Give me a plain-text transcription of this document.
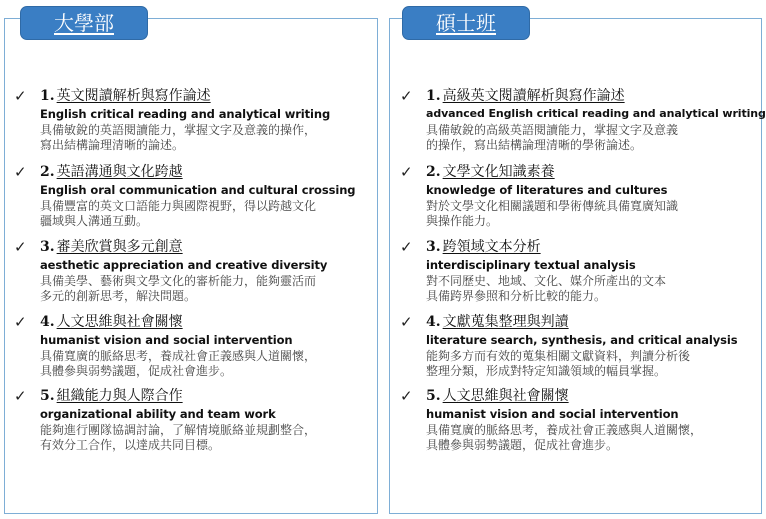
大學部	碩士班
✓ 1. 英文閱讀解析與寫作論述
English critical reading and analytical writing
具備敏銳的英語閱讀能力，掌握文字及意義的操作，
寫出結構論理清晰的論述。
✓ 2. 英語溝通與文化跨越
English oral communication and cultural crossing
具備豐富的英文口語能力與國際視野，得以跨越文化
疆域與人溝通互動。
✓ 3. 審美欣賞與多元創意
aesthetic appreciation and creative diversity
具備美學、藝術與文學文化的審析能力，能夠靈活而
多元的創新思考，解決問題。
✓ 4. 人文思維與社會關懷
humanist vision and social intervention
具備寬廣的脈絡思考，養成社會正義感與人道關懷，
具體參與弱勢議題，促成社會進步。
✓ 5. 組織能力與人際合作
organizational ability and team work
能夠進行團隊協調討論，了解情境脈絡並規劃整合，
有效分工合作，以達成共同目標。
✓ 1. 高級英文閱讀解析與寫作論述
advanced English critical reading and analytical writing
具備敏銳的高級英語閱讀能力，掌握文字及意義
的操作，寫出結構論理清晰的學術論述。
✓ 2. 文學文化知識素養
knowledge of literatures and cultures
對於文學文化相關議題和學術傳統具備寬廣知識
與操作能力。
✓ 3. 跨領域文本分析
interdisciplinary textual analysis
對不同歷史、地域、文化、媒介所產出的文本
具備跨界參照和分析比較的能力。
✓ 4. 文獻蒐集整理與判讀
literature search, synthesis, and critical analysis
能夠多方而有效的蒐集相關文獻資料，判讀分析後
整理分類，形成對特定知識領域的幅員掌握。
✓ 5. 人文思維與社會關懷
humanist vision and social intervention
具備寬廣的脈絡思考，養成社會正義感與人道關懷，
具體參與弱勢議題，促成社會進步。
